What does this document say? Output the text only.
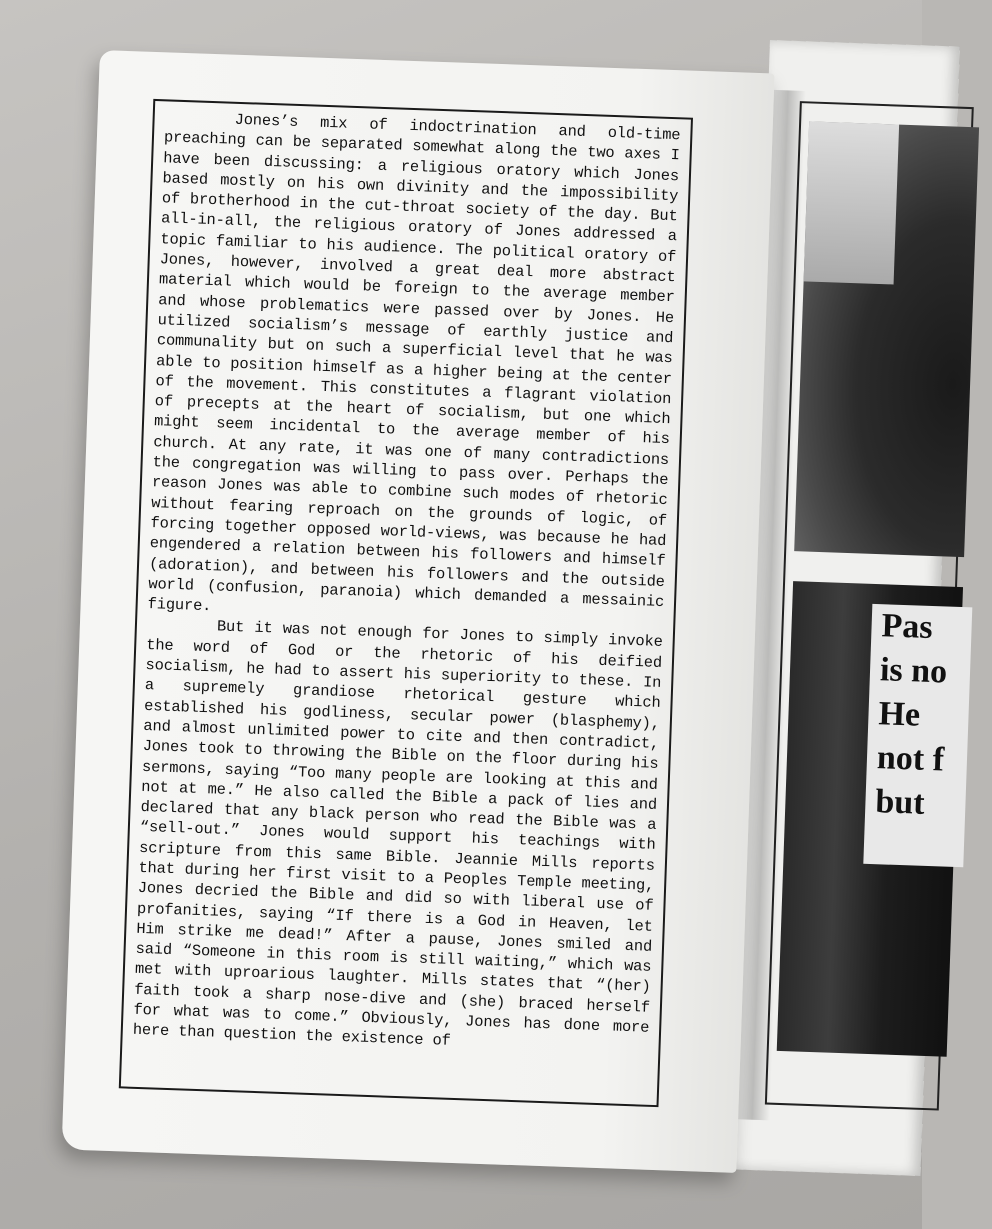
Pas
is no
He
not f
but

Jones’s mix of indoctrination and old-time preaching can be separated somewhat along the two axes I have been discussing: a religious oratory which Jones based mostly on his own divinity and the impossibility of brotherhood in the cut-throat society of the day. But all-in-all, the religious oratory of Jones addressed a topic familiar to his audience. The political oratory of Jones, however, involved a great deal more abstract material which would be foreign to the average member and whose problematics were passed over by Jones. He utilized socialism’s message of earthly justice and communality but on such a superficial level that he was able to position himself as a higher being at the center of the movement. This constitutes a flagrant violation of precepts at the heart of socialism, but one which might seem incidental to the average member of his church. At any rate, it was one of many contradictions the congregation was willing to pass over. Perhaps the reason Jones was able to combine such modes of rhetoric without fearing reproach on the grounds of logic, of forcing together opposed world-views, was because he had engendered a relation between his followers and himself (adoration), and between his followers and the outside world (confusion, paranoia) which demanded a messainic figure.

But it was not enough for Jones to simply invoke the word of God or the rhetoric of his deified socialism, he had to assert his superiority to these. In a supremely grandiose rhetorical gesture which established his godliness, secular power (blasphemy), and almost unlimited power to cite and then contradict, Jones took to throwing the Bible on the floor during his sermons, saying “Too many people are looking at this and not at me.” He also called the Bible a pack of lies and declared that any black person who read the Bible was a “sell-out.” Jones would support his teachings with scripture from this same Bible. Jeannie Mills reports that during her first visit to a Peoples Temple meeting, Jones decried the Bible and did so with liberal use of profanities, saying “If there is a God in Heaven, let Him strike me dead!” After a pause, Jones smiled and said “Someone in this room is still waiting,” which was met with uproarious laughter. Mills states that “(her) faith took a sharp nose-dive and (she) braced herself for what was to come.” Obviously, Jones has done more here than question the existence of
